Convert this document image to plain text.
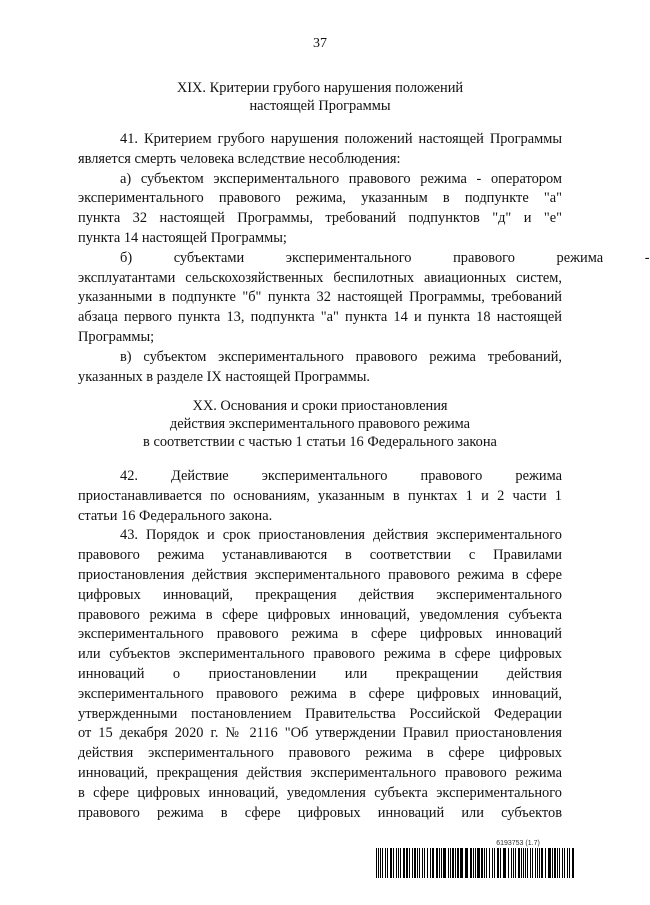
37
XIX. Критерии грубого нарушения положений
настоящей Программы
41. Критерием грубого нарушения положений настоящей Программы
является смерть человека вследствие несоблюдения:
а) субъектом экспериментального правового режима - оператором
экспериментального правового режима, указанным в подпункте "а"
пункта 32 настоящей Программы, требований подпунктов "д" и "е"
пункта 14 настоящей Программы;
б) субъектами экспериментального правового режима -
эксплуатантами сельскохозяйственных беспилотных авиационных систем,
указанными в подпункте "б" пункта 32 настоящей Программы, требований
абзаца первого пункта 13, подпункта "а" пункта 14 и пункта 18 настоящей
Программы;
в) субъектом экспериментального правового режима требований,
указанных в разделе IX настоящей Программы.
XX. Основания и сроки приостановления
действия экспериментального правового режима
в соответствии с частью 1 статьи 16 Федерального закона
42. Действие экспериментального правового режима
приостанавливается по основаниям, указанным в пунктах 1 и 2 части 1
статьи 16 Федерального закона.
43. Порядок и срок приостановления действия экспериментального
правового режима устанавливаются в соответствии с Правилами
приостановления действия экспериментального правового режима в сфере
цифровых инноваций, прекращения действия экспериментального
правового режима в сфере цифровых инноваций, уведомления субъекта
экспериментального правового режима в сфере цифровых инноваций
или субъектов экспериментального правового режима в сфере цифровых
инноваций о приостановлении или прекращении действия
экспериментального правового режима в сфере цифровых инноваций,
утвержденными постановлением Правительства Российской Федерации
от 15 декабря 2020 г. № 2116 "Об утверждении Правил приостановления
действия экспериментального правового режима в сфере цифровых
инноваций, прекращения действия экспериментального правового режима
в сфере цифровых инноваций, уведомления субъекта экспериментального
правового режима в сфере цифровых инноваций или субъектов
6193753 (1.7)
